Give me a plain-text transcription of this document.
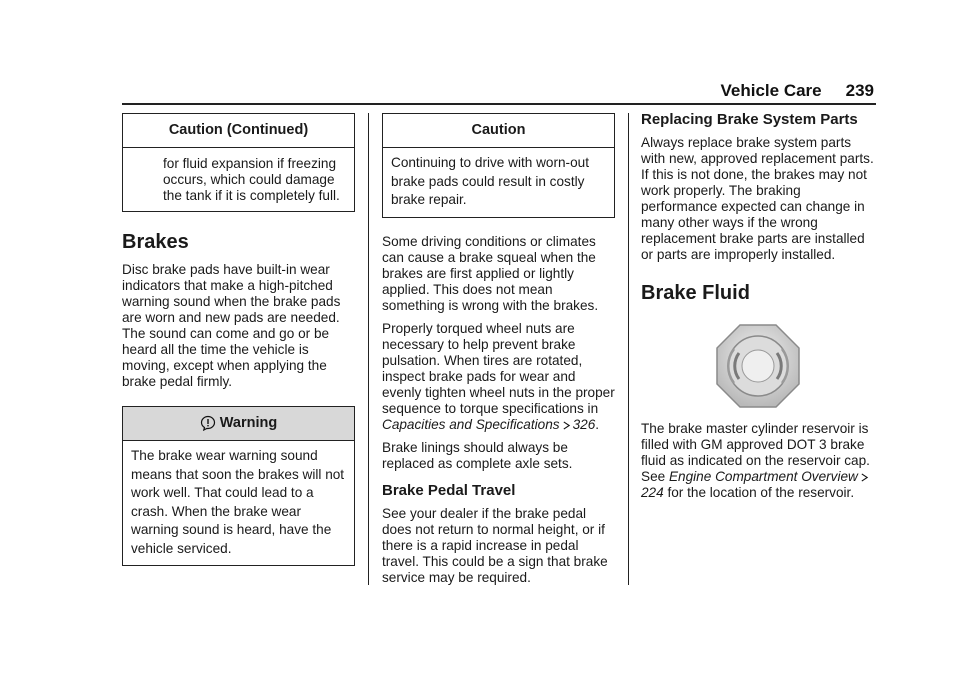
Vehicle Care 239
Caution (Continued)
for fluid expansion if freezing occurs, which could damage the tank if it is completely full.
Brakes

Disc brake pads have built-in wear indicators that make a high-pitched warning sound when the brake pads are worn and new pads are needed. The sound can come and go or be heard all the time the vehicle is moving, except when applying the brake pedal firmly.

Warning
The brake wear warning sound means that soon the brakes will not work well. That could lead to a crash. When the brake wear warning sound is heard, have the vehicle serviced.
Caution
Continuing to drive with worn-out brake pads could result in costly brake repair.

Some driving conditions or climates can cause a brake squeal when the brakes are first applied or lightly applied. This does not mean something is wrong with the brakes.

Properly torqued wheel nuts are necessary to help prevent brake pulsation. When tires are rotated, inspect brake pads for wear and evenly tighten wheel nuts in the proper sequence to torque specifications in Capacities and Specifications 326.

Brake linings should always be replaced as complete axle sets.

Brake Pedal Travel

See your dealer if the brake pedal does not return to normal height, or if there is a rapid increase in pedal travel. This could be a sign that brake service may be required.

Replacing Brake System Parts

Always replace brake system parts with new, approved replacement parts. If this is not done, the brakes may not work properly. The braking performance expected can change in many other ways if the wrong replacement brake parts are installed or parts are improperly installed.

Brake Fluid

The brake master cylinder reservoir is filled with GM approved DOT 3 brake fluid as indicated on the reservoir cap. See Engine Compartment Overview224 for the location of the reservoir.
